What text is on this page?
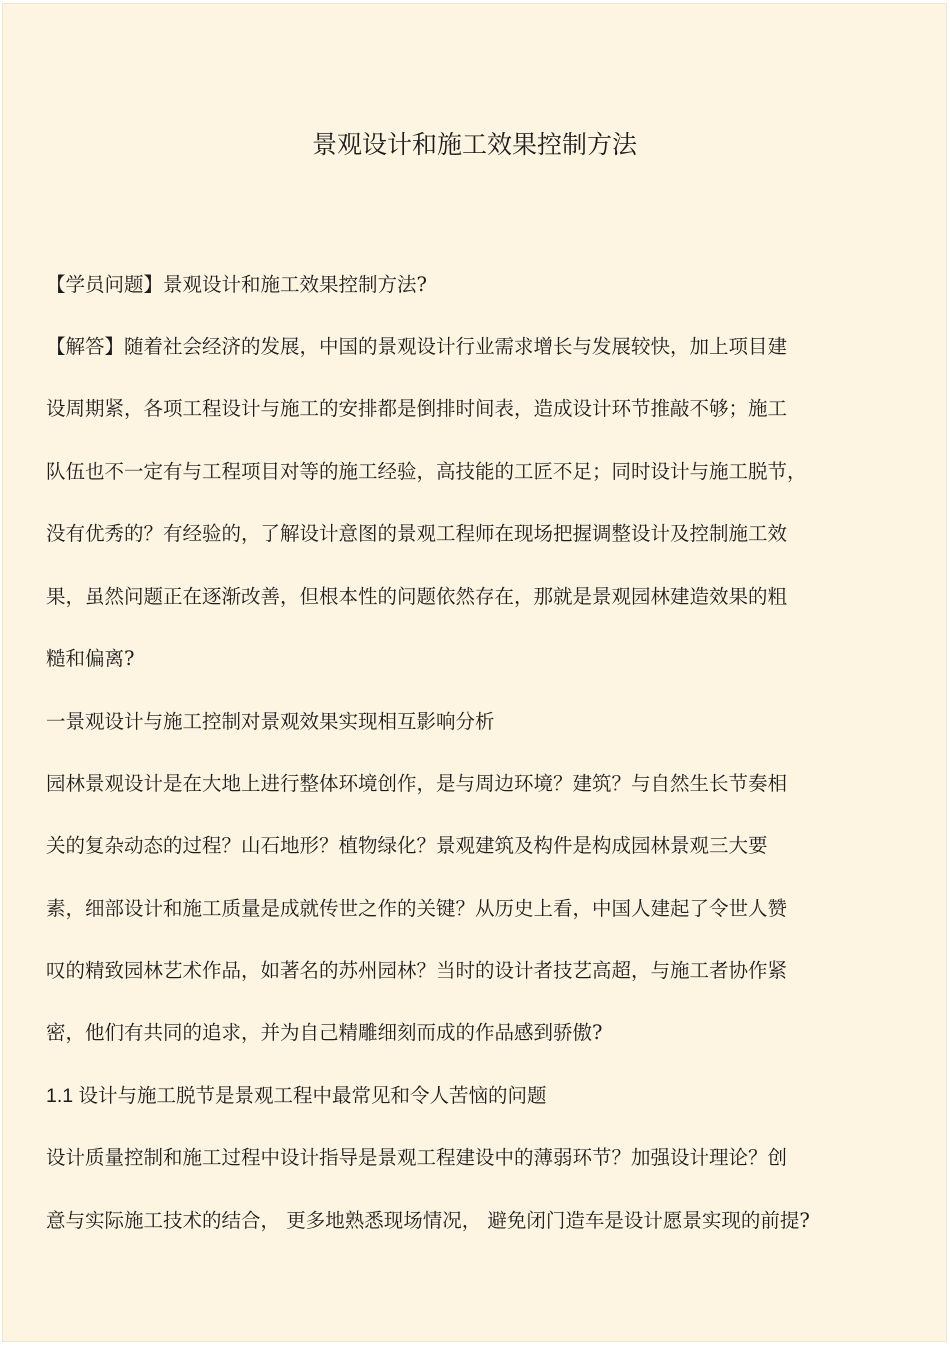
景观设计和施工效果控制方法
【学员问题】景观设计和施工效果控制方法?
【解答】随着社会经济的发展，中国的景观设计行业需求增长与发展较快，加上项目建
设周期紧，各项工程设计与施工的安排都是倒排时间表，造成设计环节推敲不够；施工
队伍也不一定有与工程项目对等的施工经验，高技能的工匠不足；同时设计与施工脱节，
没有优秀的？有经验的，了解设计意图的景观工程师在现场把握调整设计及控制施工效
果，虽然问题正在逐渐改善，但根本性的问题依然存在，那就是景观园林建造效果的粗
糙和偏离?
一景观设计与施工控制对景观效果实现相互影响分析
园林景观设计是在大地上进行整体环境创作，是与周边环境？建筑？与自然生长节奏相
关的复杂动态的过程？山石地形？植物绿化？景观建筑及构件是构成园林景观三大要
素，细部设计和施工质量是成就传世之作的关键？从历史上看，中国人建起了令世人赞
叹的精致园林艺术作品，如著名的苏州园林？当时的设计者技艺高超，与施工者协作紧
密，他们有共同的追求，并为自己精雕细刻而成的作品感到骄傲?
1.1 设计与施工脱节是景观工程中最常见和令人苦恼的问题
设计质量控制和施工过程中设计指导是景观工程建设中的薄弱环节？加强设计理论？创
意与实际施工技术的结合， 更多地熟悉现场情况， 避免闭门造车是设计愿景实现的前提?
